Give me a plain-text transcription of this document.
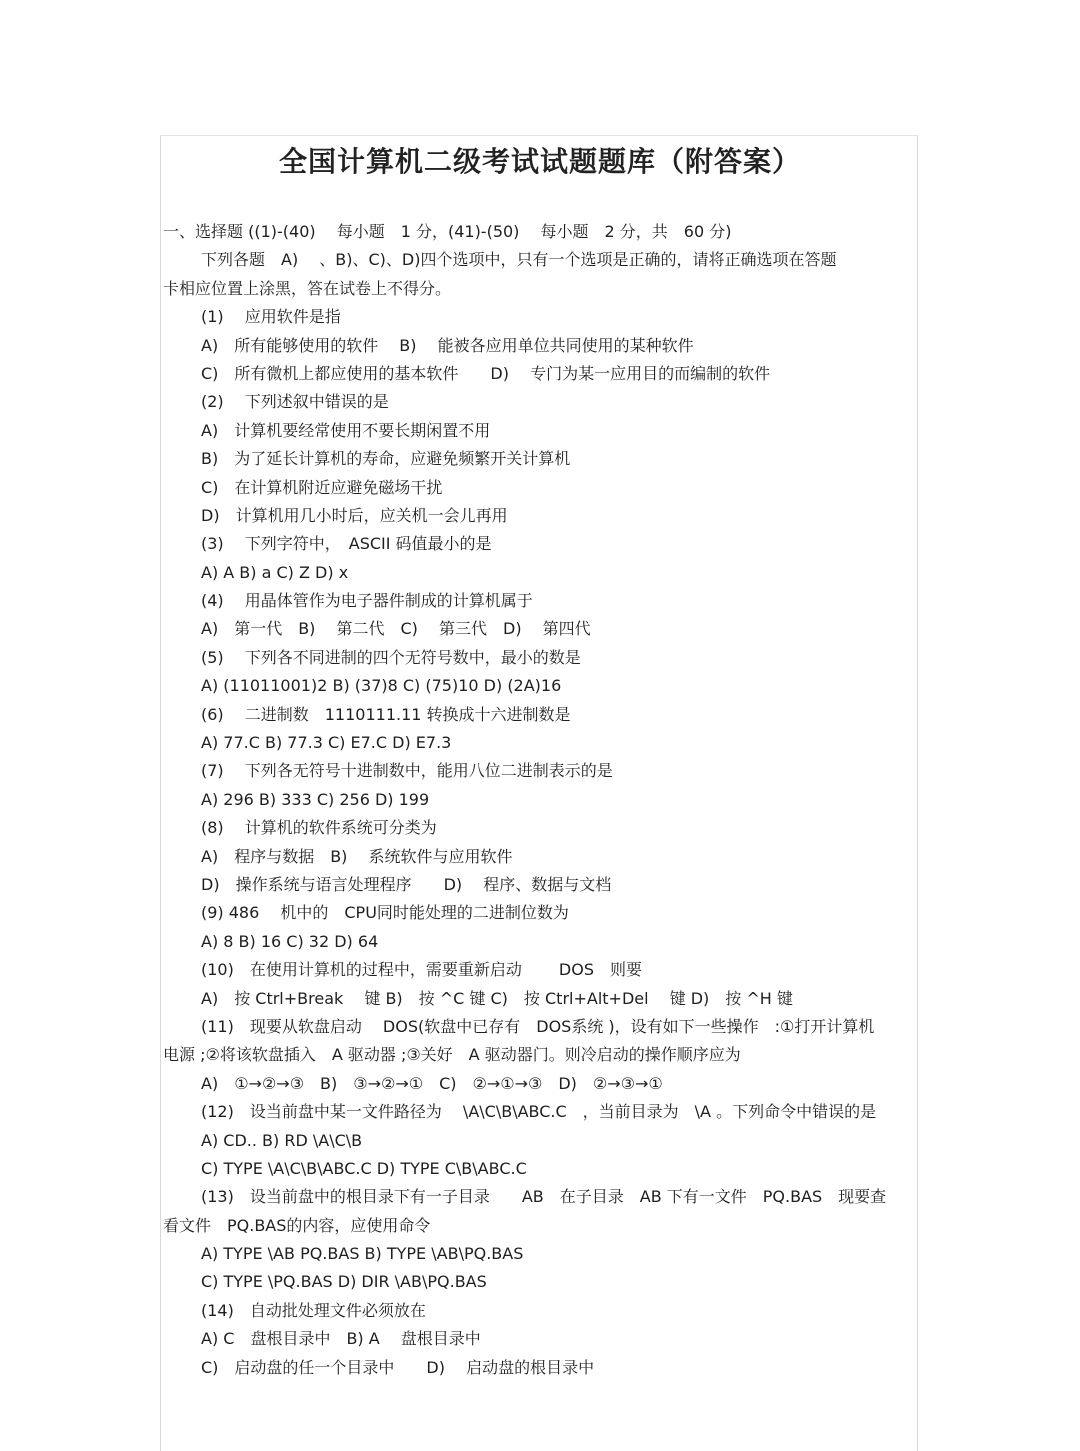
全国计算机二级考试试题题库（附答案）
一、选择题 ((1)-(40)　 每小题　1 分，(41)-(50)　 每小题　2 分，共　60 分)
下列各题　A)　 、B)、C)、D)四个选项中，只有一个选项是正确的，请将正确选项在答题
卡相应位置上涂黑，答在试卷上不得分。
(1)　 应用软件是指
A)　所有能够使用的软件　 B)　 能被各应用单位共同使用的某种软件
C)　所有微机上都应使用的基本软件　　D)　 专门为某一应用目的而编制的软件
(2)　 下列述叙中错误的是
A)　计算机要经常使用不要长期闲置不用
B)　为了延长计算机的寿命，应避免频繁开关计算机
C)　在计算机附近应避免磁场干扰
D)　计算机用几小时后，应关机一会儿再用
(3)　 下列字符中，　ASCII 码值最小的是
A) A B) a C) Z D) x
(4)　 用晶体管作为电子器件制成的计算机属于
A)　第一代　B)　 第二代　C)　 第三代　D)　 第四代
(5)　 下列各不同进制的四个无符号数中，最小的数是
A) (11011001)2 B) (37)8 C) (75)10 D) (2A)16
(6)　 二进制数　1110111.11 转换成十六进制数是
A) 77.C B) 77.3 C) E7.C D) E7.3
(7)　 下列各无符号十进制数中，能用八位二进制表示的是
A) 296 B) 333 C) 256 D) 199
(8)　 计算机的软件系统可分类为
A)　程序与数据　B)　 系统软件与应用软件
D)　操作系统与语言处理程序　　D)　 程序、数据与文档
(9) 486　 机中的　CPU同时能处理的二进制位数为
A) 8 B) 16 C) 32 D) 64
(10)　在使用计算机的过程中，需要重新启动　　 DOS　则要
A)　按 Ctrl+Break　 键 B)　按 ^C 键 C)　按 Ctrl+Alt+Del　 键 D)　按 ^H 键
(11)　现要从软盘启动　 DOS(软盘中已存有　DOS系统 )，设有如下一些操作　:①打开计算机
电源 ;②将该软盘插入　A 驱动器 ;③关好　A 驱动器门。则冷启动的操作顺序应为
A)　①→②→③　B)　③→②→①　C)　②→①→③　D)　②→③→①
(12)　设当前盘中某一文件路径为　 \A\C\B\ABC.C　，当前目录为　\A 。下列命令中错误的是
A) CD.. B) RD \A\C\B
C) TYPE \A\C\B\ABC.C D) TYPE C\B\ABC.C
(13)　设当前盘中的根目录下有一子目录　　AB　在子目录　AB 下有一文件　PQ.BAS　现要查
看文件　PQ.BAS的内容，应使用命令
A) TYPE \AB PQ.BAS B) TYPE \AB\PQ.BAS
C) TYPE \PQ.BAS D) DIR \AB\PQ.BAS
(14)　自动批处理文件必须放在
A) C　盘根目录中　B) A　 盘根目录中
C)　启动盘的任一个目录中　　D)　 启动盘的根目录中
